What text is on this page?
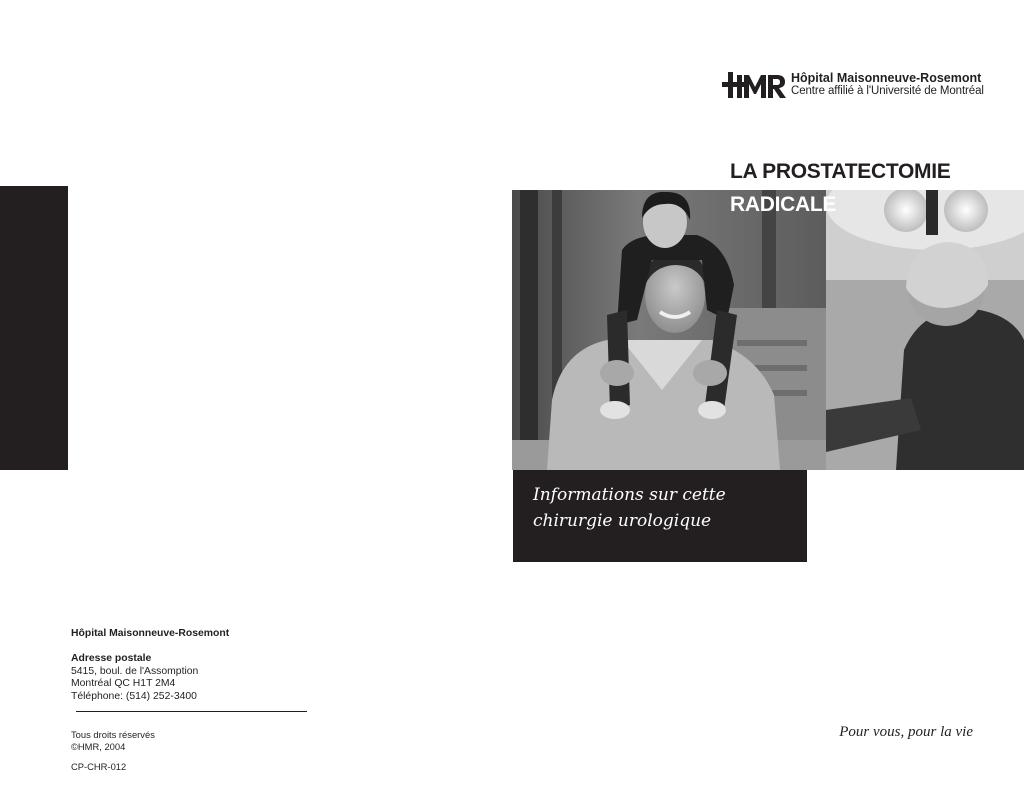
Hôpital Maisonneuve-Rosemont
Centre affilié à l'Université de Montréal
LA PROSTATECTOMIE
RADICALE
Informations sur cette chirurgie urologique
Hôpital Maisonneuve-Rosemont
Adresse postale
5415, boul. de l'Assomption
Montréal QC H1T 2M4
Téléphone: (514) 252-3400
Tous droits réservés
©HMR, 2004
CP-CHR-012
Pour vous, pour la vie
